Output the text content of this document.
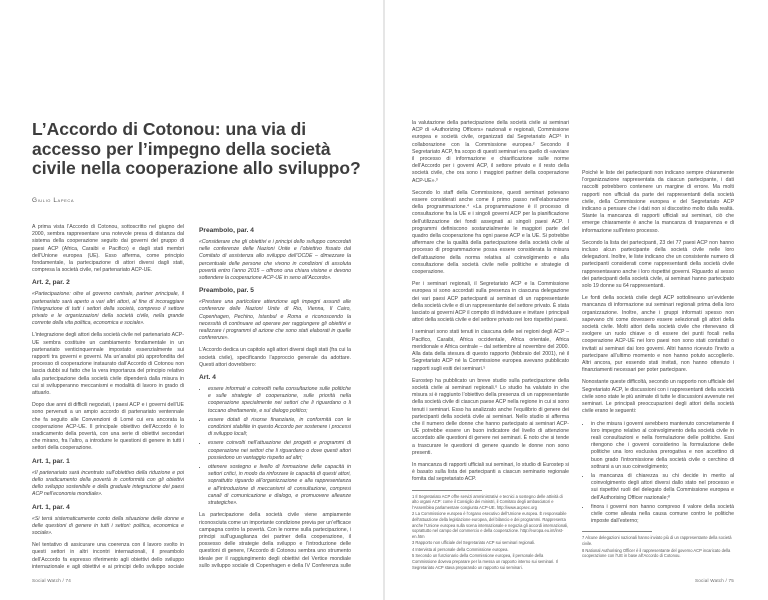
L’Accordo di Cotonou: una via di accesso per l’impegno della società civile nella cooperazione allo sviluppo?
Giulio Lapeca

A prima vista l’Accordo di Cotonou, sottoscritto nel giugno del 2000, sembra rappresentare una notevole presa di distanza dal sistema della cooperazione seguito dai governi del gruppo di paesi ACP (Africa, Caraibi e Pacifico) e dagli stati membri dell’Unione europea (UE). Esso afferma, come principio fondamentale, la partecipazione di attori diversi dagli stati, compresa la società civile, nel partenariato ACP-UE.

Art. 2, par. 2

«Partecipazione: oltre al governo centrale, partner principale, il partenariato sarà aperto a vari altri attori, al fine di incoraggiare l’integrazione di tutti i settori della società, compreso il settore privato e le organizzazioni della società civile, nella grande corrente della vita politica, economica e sociale».

L’integrazione degli attori della società civile nel partenariato ACP-UE sembra costituire un cambiamento fondamentale in un partenariato venticinquennale impostato essenzialmente sui rapporti tra governi e governi. Ma un’analisi più approfondita del processo di cooperazione instaurato dall’Accordo di Cotonou non lascia dubbi sul fatto che la vera importanza del principio relativo alla partecipazione della società civile dipenderà dalla misura in cui si svilupperanno meccanismi e modalità di lavoro in grado di attuarlo.

Dopo due anni di difficili negoziati, i paesi ACP e i governi dell’UE sono pervenuti a un ampio accordo di partenariato ventennale che fa seguito alle Convenzioni di Lomé cui era ancorata la cooperazione ACP-UE. Il principale obiettivo dell’Accordo è lo sradicamento della povertà, con una serie di obiettivi secondari che mirano, fra l’altro, a introdurre le questioni di genere in tutti i settori della cooperazione.

Art. 1, par. 1

«Il partenariato sarà incentrato sull’obiettivo della riduzione e poi dello sradicamento della povertà in conformità con gli obiettivi dello sviluppo sostenibile e della graduale integrazione dei paesi ACP nell’economia mondiale».

Art. 1, par. 4

«Si terrà sistematicamente conto della situazione delle donne e delle questioni di genere in tutti i settori: politica, economica e sociale».

Nel tentativo di assicurare una coerenza con il lavoro svolto in questi settori in altri incontri internazionali, il preambolo dell’Accordo fa espresso riferimento agli obiettivi dello sviluppo internazionale e agli obiettivi e ai principi dello sviluppo sociale

Preambolo, par. 4

«Considerare che gli obiettivi e i principi dello sviluppo concordati nelle conferenze delle Nazioni Unite e l’obiettivo fissato dal Comitato di assistenza allo sviluppo dell’OCDE – dimezzare la percentuale delle persone che vivono in condizioni di assoluta povertà entro l’anno 2015 – offrono una chiara visione e devono sottendere la cooperazione ACP-UE in seno all’Accordo».

Preambolo, par. 5

«Prestare una particolare attenzione agli impegni assunti alle conferenze delle Nazioni Unite di Rio, Vienna, Il Cairo, Copenhagen, Pechino, Istanbul e Roma e riconoscendo la necessità di continuare ad operare per raggiungere gli obiettivi e realizzare i programmi di azione che sono stati elaborati in quelle conferenze».

L’Accordo dedica un capitolo agli attori diversi dagli stati (fra cui la società civile), specificando l’approccio generale da adottare. Questi attori dovrebbero:

Art. 4
• essere informati e coinvolti nella consultazione sulle politiche e sulle strategie di cooperazione, sulle priorità nella cooperazione specialmente nei settori che li riguardano o li toccano direttamente, e sul dialogo politico;
• essere dotati di risorse finanziarie, in conformità con le condizioni stabilite in questo Accordo per sostenere i processi di sviluppo locali;
• essere coinvolti nell’attuazione dei progetti e programmi di cooperazione nei settori che li riguardano o dove questi attori possiedono un vantaggio rispetto ad altri;
• ottenere sostegno e livello di formazione delle capacità in settori critici, in modo da rinforzare le capacità di questi attori, soprattutto riguardo all’organizzazione e alla rappresentanza e all’introduzione di meccanismi di consultazione, compresi canali di comunicazione e dialogo, e promuovere alleanze strategiche».

La partecipazione della società civile viene ampiamente riconosciuta come un importante condizione previa per un’efficace campagna contro la povertà. Con le norme sulla partecipazione, i principi sull’uguaglianza dei partner della cooperazione, il possesso delle strategie della sviluppo e l’introduzione delle questioni di genere, l’Accordo di Cotonou sembra uno strumento ideale per il raggiungimento degli obiettivi del Vertice mondiale sullo sviluppo sociale di Copenhagen e della IV Conferenza sulle

Social Watch / 74

la valutazione della partecipazione della società civile ai seminari ACP di «Authorizing Officers» nazionali e regionali, Commissione europea e società civile, organizzati dal Segretariato ACP¹ in collaborazione con la Commissione europea.² Secondo il Segretariato ACP, fra scopo di questi seminari era quello di «avviare il processo di informazione e chiarificazione sulle norme dell’Accordo per i governi ACP, il settore privato e il resto della società civile, che ora sono i maggiori partner della cooperazione ACP-UE».³

Secondo lo staff della Commissione, questi seminari potevano essere considerati anche come il primo passo nell’elaborazione della programmazione.⁴ «La programmazione è il processo di consultazione fra la UE e i singoli governi ACP per la pianificazione dell’utilizzazione dei fondi assegnati ai singoli paesi ACP. I programmi definiscono sostanzialmente le maggiori parte del quadro della cooperazione fra ogni paese ACP e la UE. Si potrebbe affermare che la qualità della partecipazione della società civile al processo di programmazione possa essere considerata la misura dell’attuazione della norma relativa al coinvolgimento e alla consultazione della società civile nelle politiche e strategie di cooperazione.

Per i seminari regionali, il Segretariato ACP e la Commissione europea si sono accordati sulla presenza in ciascuna delegazione dei vari paesi ACP partecipanti ai seminari di un rappresentante della società civile e di un rappresentante del settore privato. È stata lasciato ai governi ACP il compito di individuare e invitare i principali attori della società civile e del settore privato nei loro rispettivi paesi.

I seminari sono stati tenuti in ciascuna delle sei regioni degli ACP – Pacifico, Caraibi, Africa occidentale, Africa orientale, Africa meridionale e Africa centrale – dal settembre al novembre del 2000. Alla data della stesura di questo rapporto (febbraio del 2001), né il Segretariato ACP né la Commissione europea avevano pubblicato rapporti sugli esiti dei seminari.⁵

Eurostep ha pubblicato un breve studio sulla partecipazione della società civile ai seminari regionali.⁶ Lo studio ha valutato in che misura si è raggiunto l’obiettivo della presenza di un rappresentante della società civile di ciascun paese ACP nella regione in cui si sono tenuti i seminari. Esso ha analizzato anche l’equilibrio di genere dei partecipanti della società civile ai seminari. Nello studio si afferma che il numero delle donne che hanno partecipato ai seminari ACP-UE potrebbe essere un buon indicatore del livello di attenzione accordato alle questioni di genere nei seminari. È noto che si tende a trascurare le questioni di genere quando le donne non sono presenti.

In mancanza di rapporti ufficiali sui seminari, lo studio di Eurostep si è basato sulla lista dei partecipanti a ciascun seminario regionale fornita dal segretariato ACP.

1 Il Segretariato ACP offre servizi amministrativi e tecnici a sostegno delle attività di alto organi ACP: come il Consiglio dei ministri, il Comitato degli ambasciatori e l’Assemblea parlamentare congiunta ACP-UE. http://www.acpsec.org
2 La Commissione europea è l’organo esecutivo dell’Unione europea. È responsabile dell’attuazione della legislazione europea, del bilancio e dei programmi. Rappresenta anche l’Unione europea sulla scena internazionale e negozia gli accordi internazionali, soprattutto nel campo del commercio e della cooperazione. http://europa.eu.int/inst-en.htm
3 Rapporto non ufficiale del Segretariato ACP sui seminari regionali.
4 Intervista al personale della Commissione europea.
5 Secondo un funzionario della Commissione europea, il personale della Commissione doveva preparare per la messa un rapporto interno sui seminari. Il Segretariato ACP stava preparando un rapporto sui seminari.

Poiché le liste dei partecipanti non indicano sempre chiaramente l’organizzazione rappresentata da ciascun partecipante, i dati raccolti potrebbero contenere un margine di errore. Ma molti rapporti non ufficiali da parte dei rappresentanti della società civile, della Commissione europea e del Segretariato ACP indicano a pensare che i dati non si discostino molto dalla realtà. Stante la mancanza di rapporti ufficiali sui seminari, ciò che emerge chiaramente è anche la mancanza di trasparenza e di informazione sull’intero processo.

Secondo la lista dei partecipanti, 23 dei 77 paesi ACP non hanno incluso alcun partecipante della società civile nelle loro delegazioni. Inoltre, le liste indicano che un consistente numero di partecipanti considerati come rappresentanti della società civile rappresentavano anche i loro rispettivi governi. Riguardo al sesso dei partecipanti della società civile, ai seminari hanno partecipato solo 19 donne su 64 rappresentanti.

Le fonti della società civile degli ACP sottolineano un’evidente mancanza di informazione sui seminari regionali prima della loro organizzazione. Inoltre, anche i gruppi informati spesso non sapevano chi come dovessero essere selezionati gli attori della società civile. Molti attori della società civile che ritenevano di svolgere un ruolo chiave o di essere dei punti focali nella cooperazione ACP-UE nei loro paesi non sono stati contattati o invitati ai seminari dai loro governi. Altri hanno ricevuto l’invito a partecipare all’ultimo momento e non hanno potuto accoglierlo. Altri ancora, pur essendo stati invitati, non hanno ottenuto i finanziamenti necessari per poter partecipare.

Nonostante queste difficoltà, secondo un rapporto non ufficiale del Segretariato ACP, le discussioni con i rappresentanti della società civile sono state le più animate di tutte le discussioni avvenute nei seminari. Le principali preoccupazioni degli attori della società civile erano le seguenti:

• in che misura i governi avrebbero mantenuto concretamente il loro impegno relativo al coinvolgimento della società civile in reali consultazioni e nella formulazione delle politiche. Essi ritengono che i governi considerino la formulazione delle politiche una loro esclusiva prerogativa e non accettino di buon grado l’intromissione della società civile o cerchino di sottrarsi a un suo coinvolgimento;
• la mancanza di chiarezza su chi decide in merito al coinvolgimento degli attori diversi dallo stato nel processo e sui rispettivi ruoli del delegato della Commissione europea e dell’Authorising Officer nazionale;⁸
• finora i governi non hanno compreso il valore della società civile come alleata nella causa comune contro le politiche imposte dall’esterno;
7 Alcune delegazioni nazionali hanno inviato più di un rappresentante della società civile.
8 National Authorising Officer è il rappresentante del governo ACP incaricato della cooperazione con l’UE in base all’Accordo di Cotonou.
Social Watch / 75
